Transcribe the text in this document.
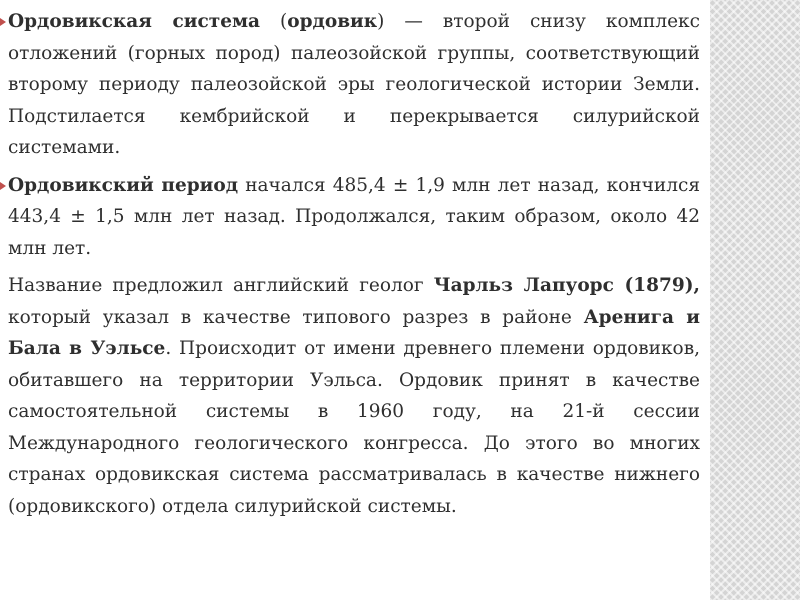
Ордовикская система (ордовик) — второй снизу комплекс отложений (горных пород) палеозойской группы, соответствующий второму периоду палеозойской эры геологической истории Земли. Подстилается кембрийской и перекрывается силурийской системами.

Ордовикский период начался 485,4 ± 1,9 млн лет назад, кончился 443,4 ± 1,5 млн лет назад. Продолжался, таким образом, около 42 млн лет.

Название предложил английский геолог Чарльз Лапуорс (1879), который указал в качестве типового разрез в районе Аренига и Бала в Уэльсе. Происходит от имени древнего племени ордовиков, обитавшего на территории Уэльса. Ордовик принят в качестве самостоятельной системы в 1960 году, на 21-й сессии Международного геологического конгресса. До этого во многих странах ордовикская система рассматривалась в качестве нижнего (ордовикского) отдела силурийской системы.
